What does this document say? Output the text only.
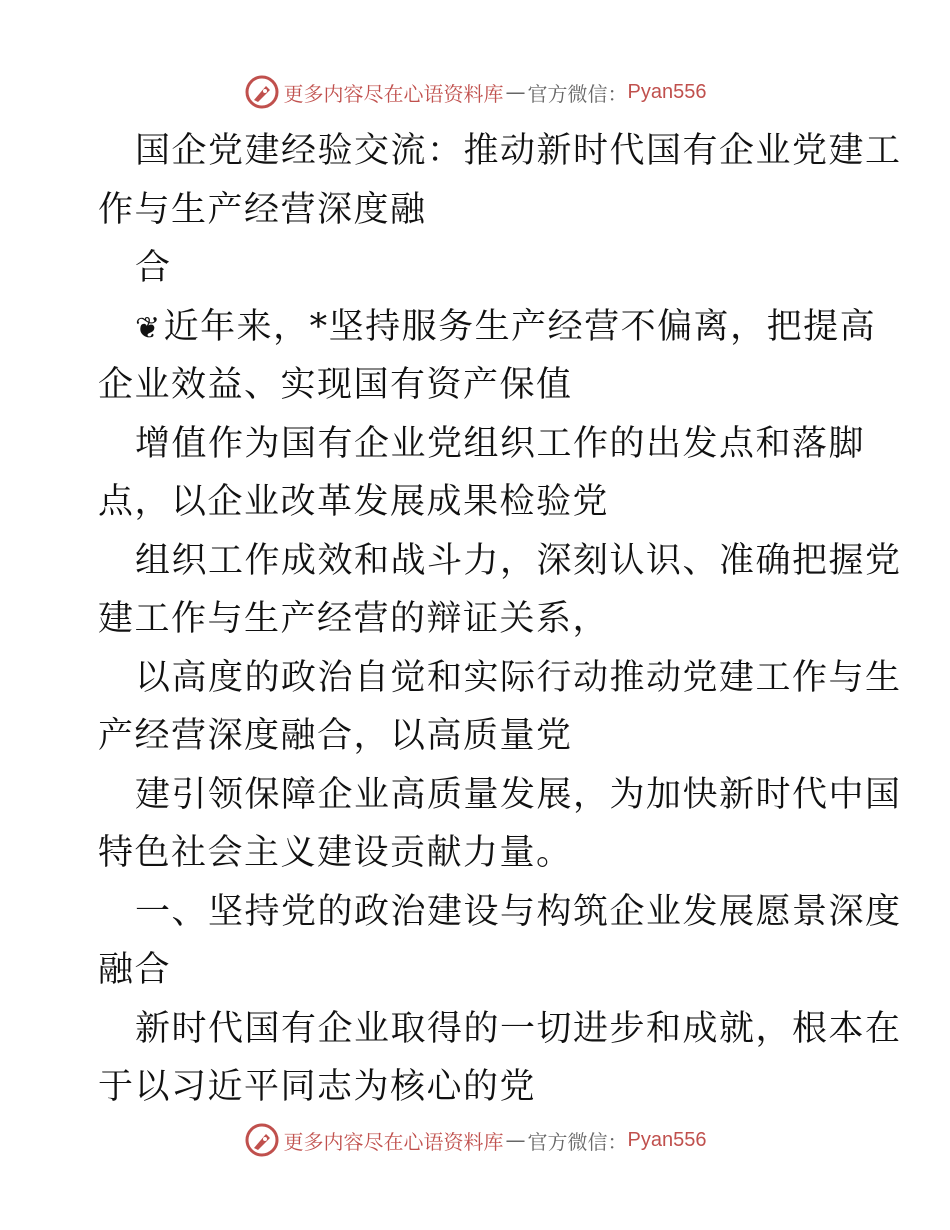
更多内容尽在心语资料库 — 官方微信： Pyan556
国企党建经验交流：推动新时代国有企业党建工
作与生产经营深度融
合
❦近年来，*坚持服务生产经营不偏离，把提高
企业效益、实现国有资产保值
增值作为国有企业党组织工作的出发点和落脚
点，以企业改革发展成果检验党
组织工作成效和战斗力，深刻认识、准确把握党
建工作与生产经营的辩证关系，
以高度的政治自觉和实际行动推动党建工作与生
产经营深度融合，以高质量党
建引领保障企业高质量发展，为加快新时代中国
特色社会主义建设贡献力量。
一、坚持党的政治建设与构筑企业发展愿景深度
融合
新时代国有企业取得的一切进步和成就，根本在
于以习近平同志为核心的党
更多内容尽在心语资料库 — 官方微信： Pyan556
